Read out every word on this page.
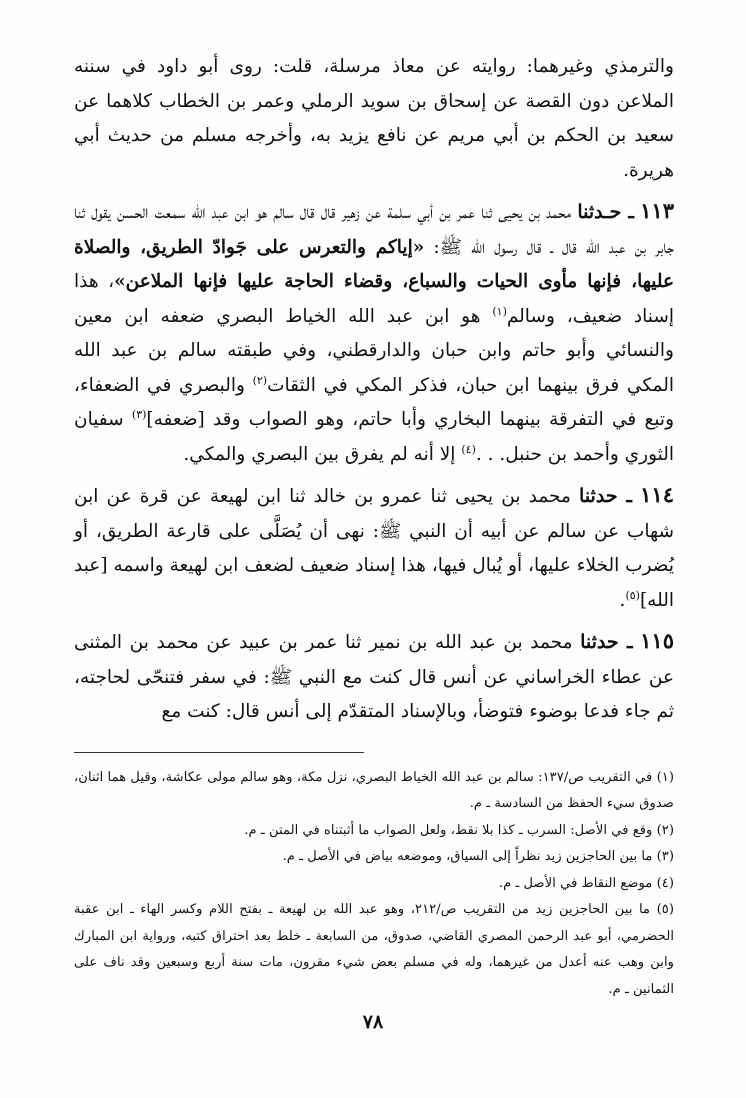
والترمذي وغيرهما: روايته عن معاذ مرسلة، قلت: روى أبو داود في سننه الملاعن دون القصة عن إسحاق بن سويد الرملي وعمر بن الخطاب كلاهما عن سعيد بن الحكم بن أبي مريم عن نافع يزيد به، وأخرجه مسلم من حديث أبي هريرة.

١١٣ ـ حـدثنا محمد بن يحيى ثنا عمر بن أبي سلمة عن زهير قال قال سالم هو ابن عبد الله سمعت الحسن يقول ثنا جابر بن عبد الله قال ـ قال رسول الله ﷺ: «إياكم والتعرس على جَوادّ الطريق، والصلاة عليها، فإنها مأوى الحيات والسباع، وقضاء الحاجة عليها فإنها الملاعن»، هذا إسناد ضعيف، وسالم$^{(١)}$ هو ابن عبد الله الخياط البصري ضعفه ابن معين والنسائي وأبو حاتم وابن حبان والدارقطني، وفي طبقته سالم بن عبد الله المكي فرق بينهما ابن حبان، فذكر المكي في الثقات$^{(٢)}$ والبصري في الضعفاء، وتبع في التفرقة بينهما البخاري وأبا حاتم، وهو الصواب وقد [ضعفه]$^{(٣)}$ سفيان الثوري وأحمد بن حنبل. . .$^{(٤)}$ إلا أنه لم يفرق بين البصري والمكي.

١١٤ ـ حدثنا محمد بن يحيى ثنا عمرو بن خالد ثنا ابن لهيعة عن قرة عن ابن شهاب عن سالم عن أبيه أن النبي ﷺ: نهى أن يُصَلَّى على قارعة الطريق، أو يُضرب الخلاء عليها، أو يُبال فيها، هذا إسناد ضعيف لضعف ابن لهيعة واسمه [عبد الله]$^{(٥)}$.

١١٥ ـ حدثنا محمد بن عبد الله بن نمير ثنا عمر بن عبيد عن محمد بن المثنى عن عطاء الخراساني عن أنس قال كنت مع النبي ﷺ: في سفر فتنحّى لحاجته، ثم جاء فدعا بوضوء فتوضأ، وبالإسناد المتقدّم إلى أنس قال: كنت مع

(١) في التقريب ص/١٣٧: سالم بن عبد الله الخياط البصري، نزل مكة، وهو سالم مولى عكاشة، وقيل هما اثنان، صدوق سيء الحفظ من السادسة ـ م.

(٢) وقع في الأصل: السرب ـ كذا بلا نقط، ولعل الصواب ما أثبتناه في المتن ـ م.

(٣) ما بين الحاجزين زيد نظراً إلى السياق، وموضعه بياض في الأصل ـ م.

(٤) موضع النقاط في الأصل ـ م.

(٥) ما بين الحاجزين زيد من التقريب ص/٢١٢، وهو عبد الله بن لهيعة ـ بفتح اللام وكسر الهاء ـ ابن عقبة الحضرمي، أبو عبد الرحمن المصري القاضي، صدوق، من السابعة ـ خلط بعد احتراق كتبه، ورواية ابن المبارك وابن وهب عنه أعدل من غيرهما، وله في مسلم بعض شيء مقرون، مات سنة أربع وسبعين وقد ناف على الثمانين ـ م.

٧٨
